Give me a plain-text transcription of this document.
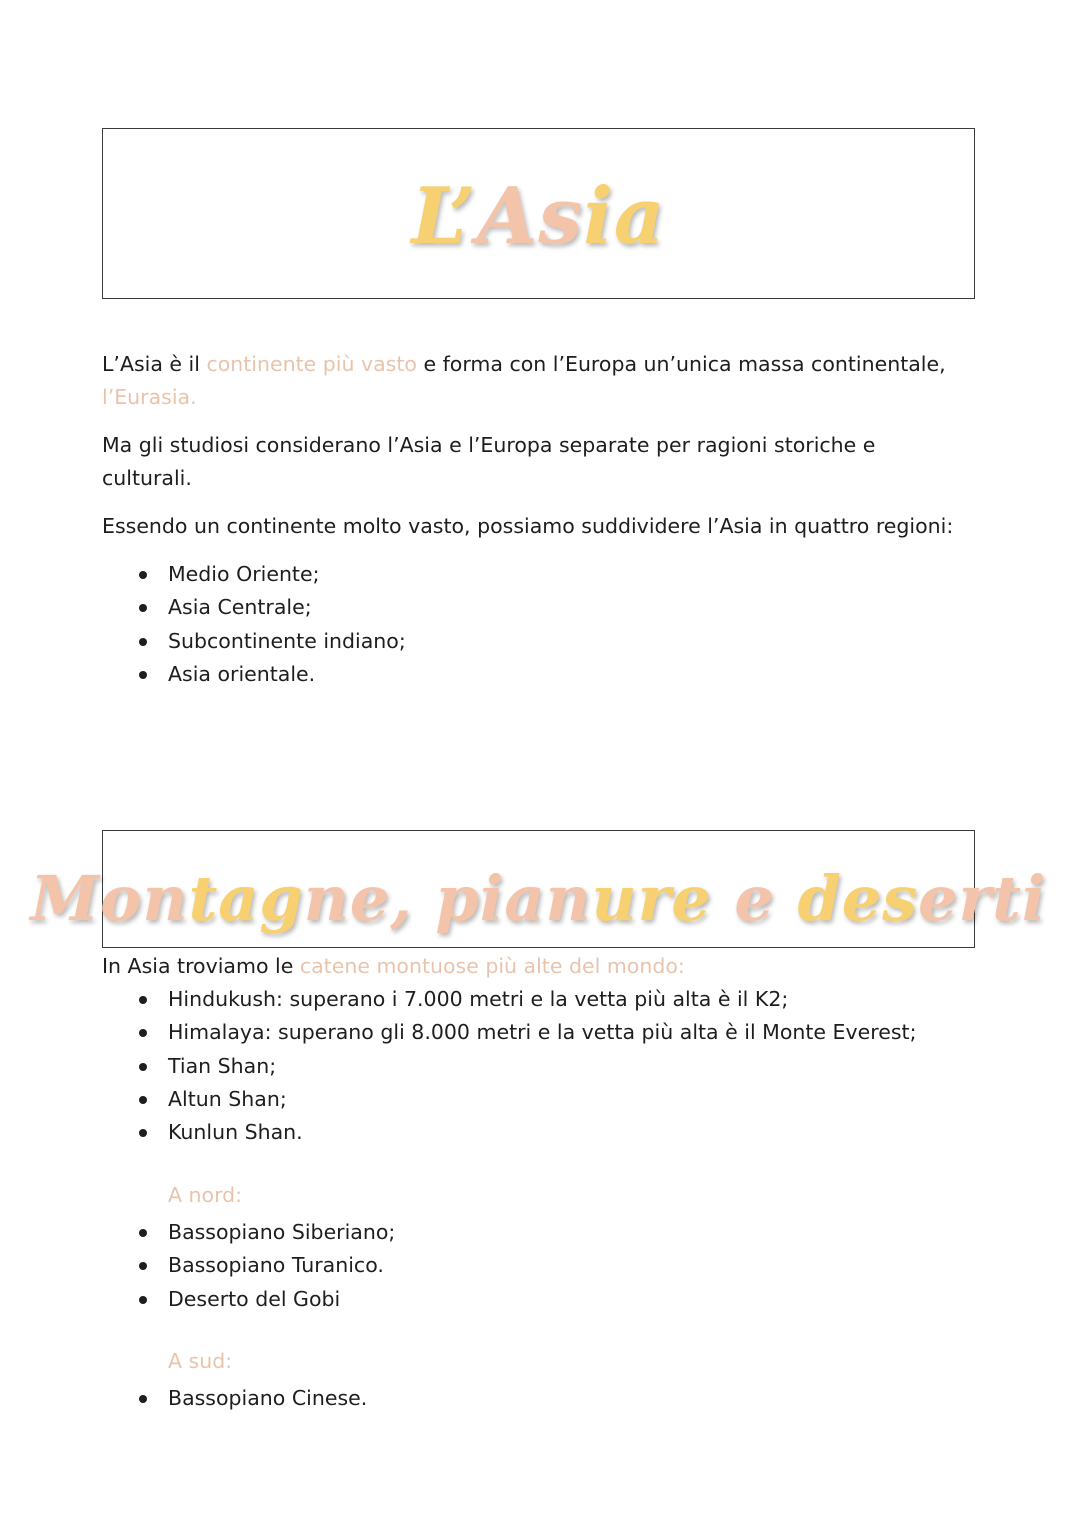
L’Asia

L’Asia è il continente più vasto e forma con l’Europa un’unica massa continentale,
l’Eurasia.

Ma gli studiosi considerano l’Asia e l’Europa separate per ragioni storiche e culturali.

Essendo un continente molto vasto, possiamo suddividere l’Asia in quattro regioni:

Medio Oriente;
Asia Centrale;
Subcontinente indiano;
Asia orientale.
Montagne, pianure e deserti

In Asia troviamo le catene montuose più alte del mondo:

Hindukush: superano i 7.000 metri e la vetta più alta è il K2;
Himalaya: superano gli 8.000 metri e la vetta più alta è il Monte Everest;
Tian Shan;
Altun Shan;
Kunlun Shan.
A nord:
Bassopiano Siberiano;
Bassopiano Turanico.
Deserto del Gobi
A sud:
Bassopiano Cinese.
